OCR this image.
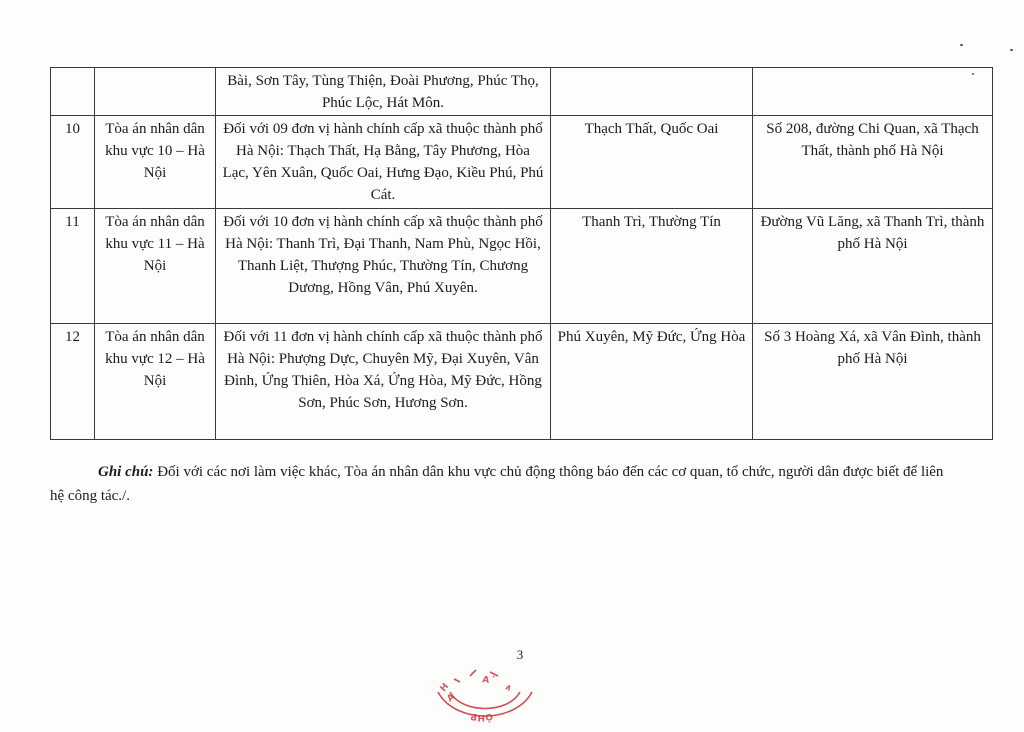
		Bài, Sơn Tây, Tùng Thiện, Đoài Phương, Phúc Thọ, Phúc Lộc, Hát Môn.		

10	Tòa án nhân dân khu vực 10 – Hà Nội	Đối với 09 đơn vị hành chính cấp xã thuộc thành phố Hà Nội: Thạch Thất, Hạ Bằng, Tây Phương, Hòa Lạc, Yên Xuân, Quốc Oai, Hưng Đạo, Kiều Phú, Phú Cát.	Thạch Thất, Quốc Oai	Số 208, đường Chi Quan, xã Thạch Thất, thành phố Hà Nội

11	Tòa án nhân dân khu vực 11 – Hà Nội	Đối với 10 đơn vị hành chính cấp xã thuộc thành phố Hà Nội: Thanh Trì, Đại Thanh, Nam Phù, Ngọc Hồi, Thanh Liệt, Thượng Phúc, Thường Tín, Chương Dương, Hồng Vân, Phú Xuyên.	Thanh Trì, Thường Tín	Đường Vũ Lăng, xã Thanh Trì, thành phố Hà Nội

12	Tòa án nhân dân khu vực 12 – Hà Nội	Đối với 11 đơn vị hành chính cấp xã thuộc thành phố Hà Nội: Phượng Dực, Chuyên Mỹ, Đại Xuyên, Vân Đình, Ứng Thiên, Hòa Xá, Ứng Hòa, Mỹ Đức, Hồng Sơn, Phúc Sơn, Hương Sơn.	Phú Xuyên, Mỹ Đức, Ứng Hòa	Số 3 Hoàng Xá, xã Vân Đình, thành phố Hà Nội

Ghi chú: Đối với các nơi làm việc khác, Tòa án nhân dân khu vực chủ động thông báo đến các cơ quan, tổ chức, người dân được biết để liên hệ công tác./.

3
A ·
∧
H
A
P H Ô
